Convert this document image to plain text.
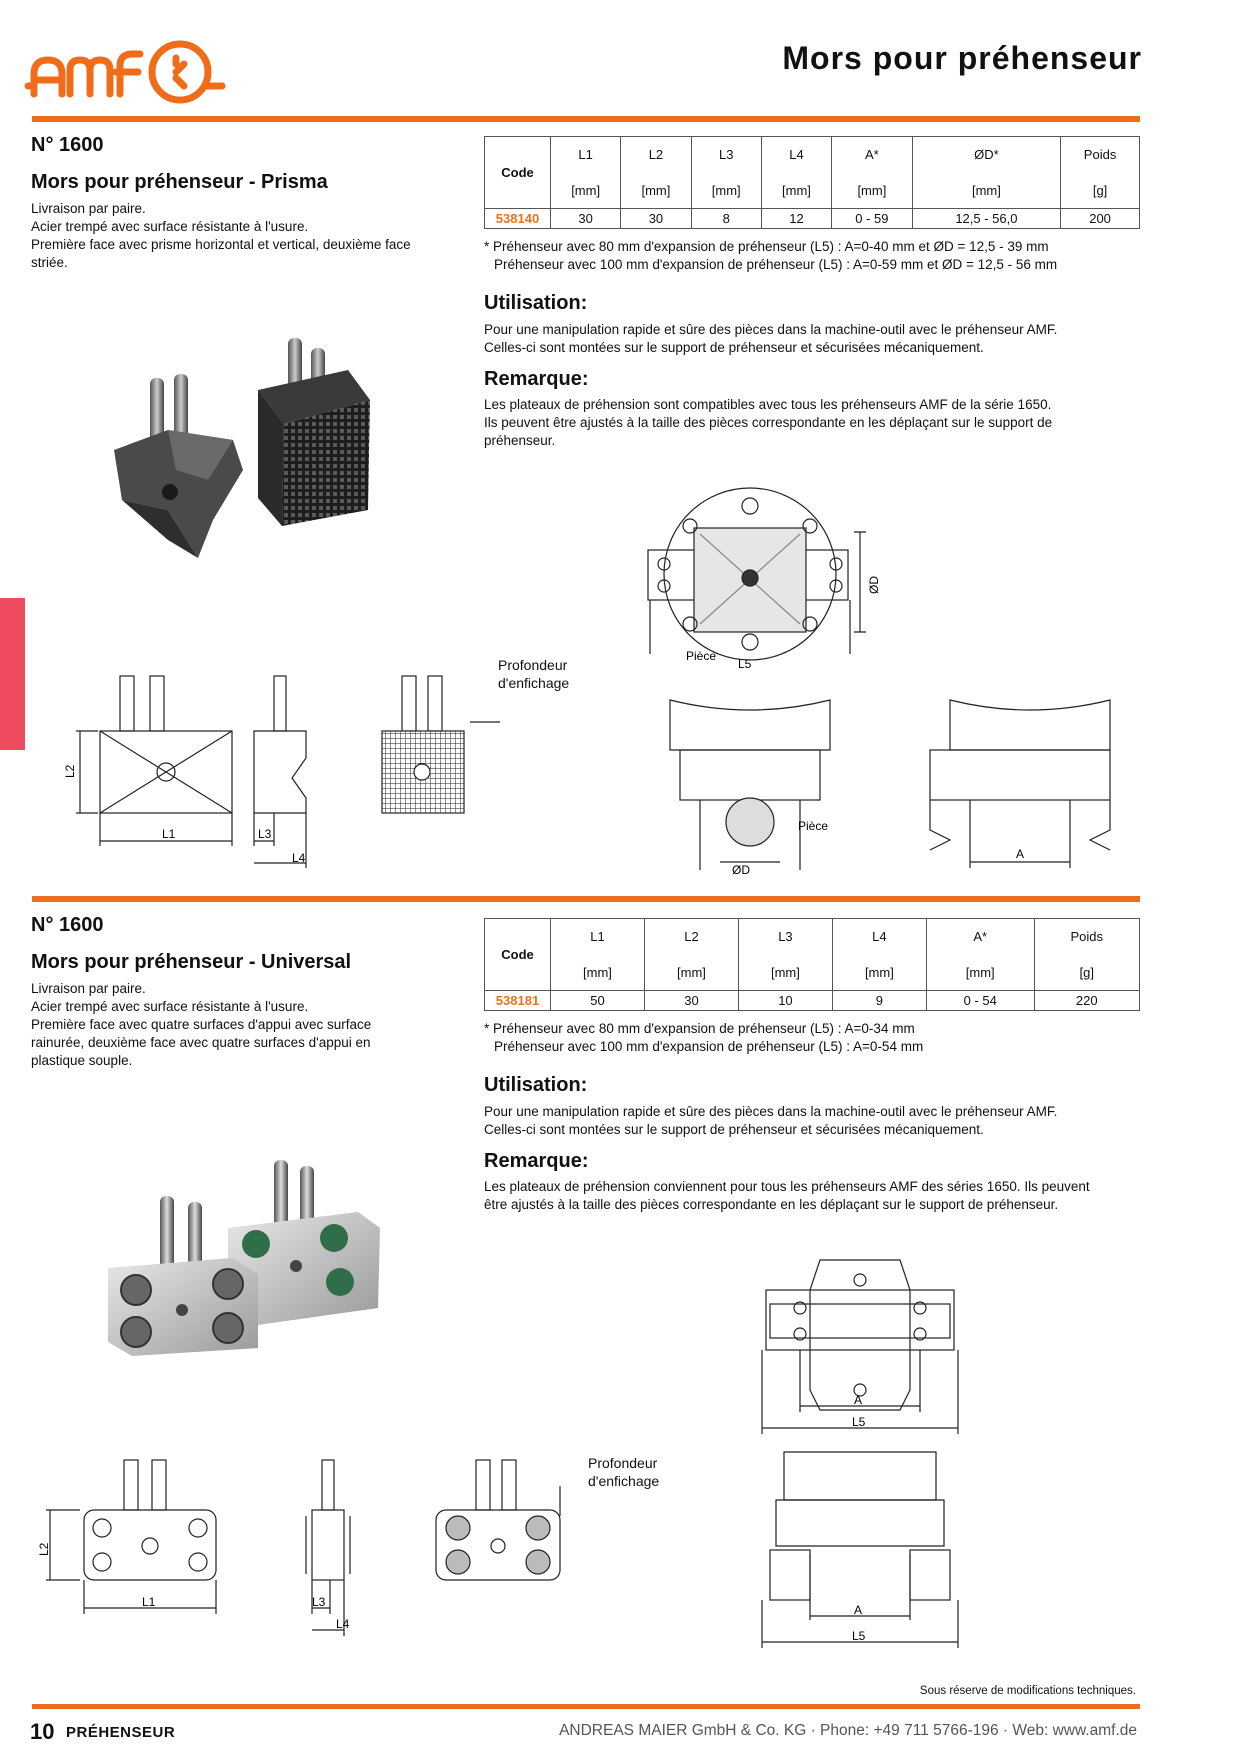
amf
Mors pour préhenseur
N° 1600
Mors pour préhenseur - Prisma
Livraison par paire.
Acier trempé avec surface résistante à l'usure.
Première face avec prisme horizontal et vertical, deuxième face
striée.
Code	L1	L2	L3	L4	A*	ØD*	Poids
	[mm]	[mm]	[mm]	[mm]	[mm]	[mm]	[g]
538140	30	30	8	12	0 - 59	12,5 - 56,0	200
* Préhenseur avec 80 mm d'expansion de préhenseur (L5) : A=0-40 mm et ØD = 12,5 - 39 mm
Préhenseur avec 100 mm d'expansion de préhenseur (L5) : A=0-59 mm et ØD = 12,5 - 56 mm
Utilisation:
Pour une manipulation rapide et sûre des pièces dans la machine-outil avec le préhenseur AMF.
Celles-ci sont montées sur le support de préhenseur et sécurisées mécaniquement.
Remarque:
Les plateaux de préhension sont compatibles avec tous les préhenseurs AMF de la série 1650.
Ils peuvent être ajustés à la taille des pièces correspondante en les déplaçant sur le support de
préhenseur.
L2
L1	L3
L4
Profondeur
d'enfichage
ØD
Pièce
L5
Pièce
ØD
A
N° 1600
Mors pour préhenseur - Universal
Livraison par paire.
Acier trempé avec surface résistante à l'usure.
Première face avec quatre surfaces d'appui avec surface
rainurée, deuxième face avec quatre surfaces d'appui en
plastique souple.
Code	L1	L2	L3	L4	A*	Poids
	[mm]	[mm]	[mm]	[mm]	[mm]	[g]
538181	50	30	10	9	0 - 54	220
* Préhenseur avec 80 mm d'expansion de préhenseur (L5) : A=0-34 mm
Préhenseur avec 100 mm d'expansion de préhenseur (L5) : A=0-54 mm
Utilisation:
Pour une manipulation rapide et sûre des pièces dans la machine-outil avec le préhenseur AMF.
Celles-ci sont montées sur le support de préhenseur et sécurisées mécaniquement.
Remarque:
Les plateaux de préhension conviennent pour tous les préhenseurs AMF des séries 1650. Ils peuvent
être ajustés à la taille des pièces correspondante en les déplaçant sur le support de préhenseur.
L2
L1	L3
L4
Profondeur
d'enfichage
A
L5
A
L5
Sous réserve de modifications techniques.
10 PRÉHENSEUR	ANDREAS MAIER GmbH & Co. KG · Phone: +49 711 5766-196 · Web: www.amf.de
